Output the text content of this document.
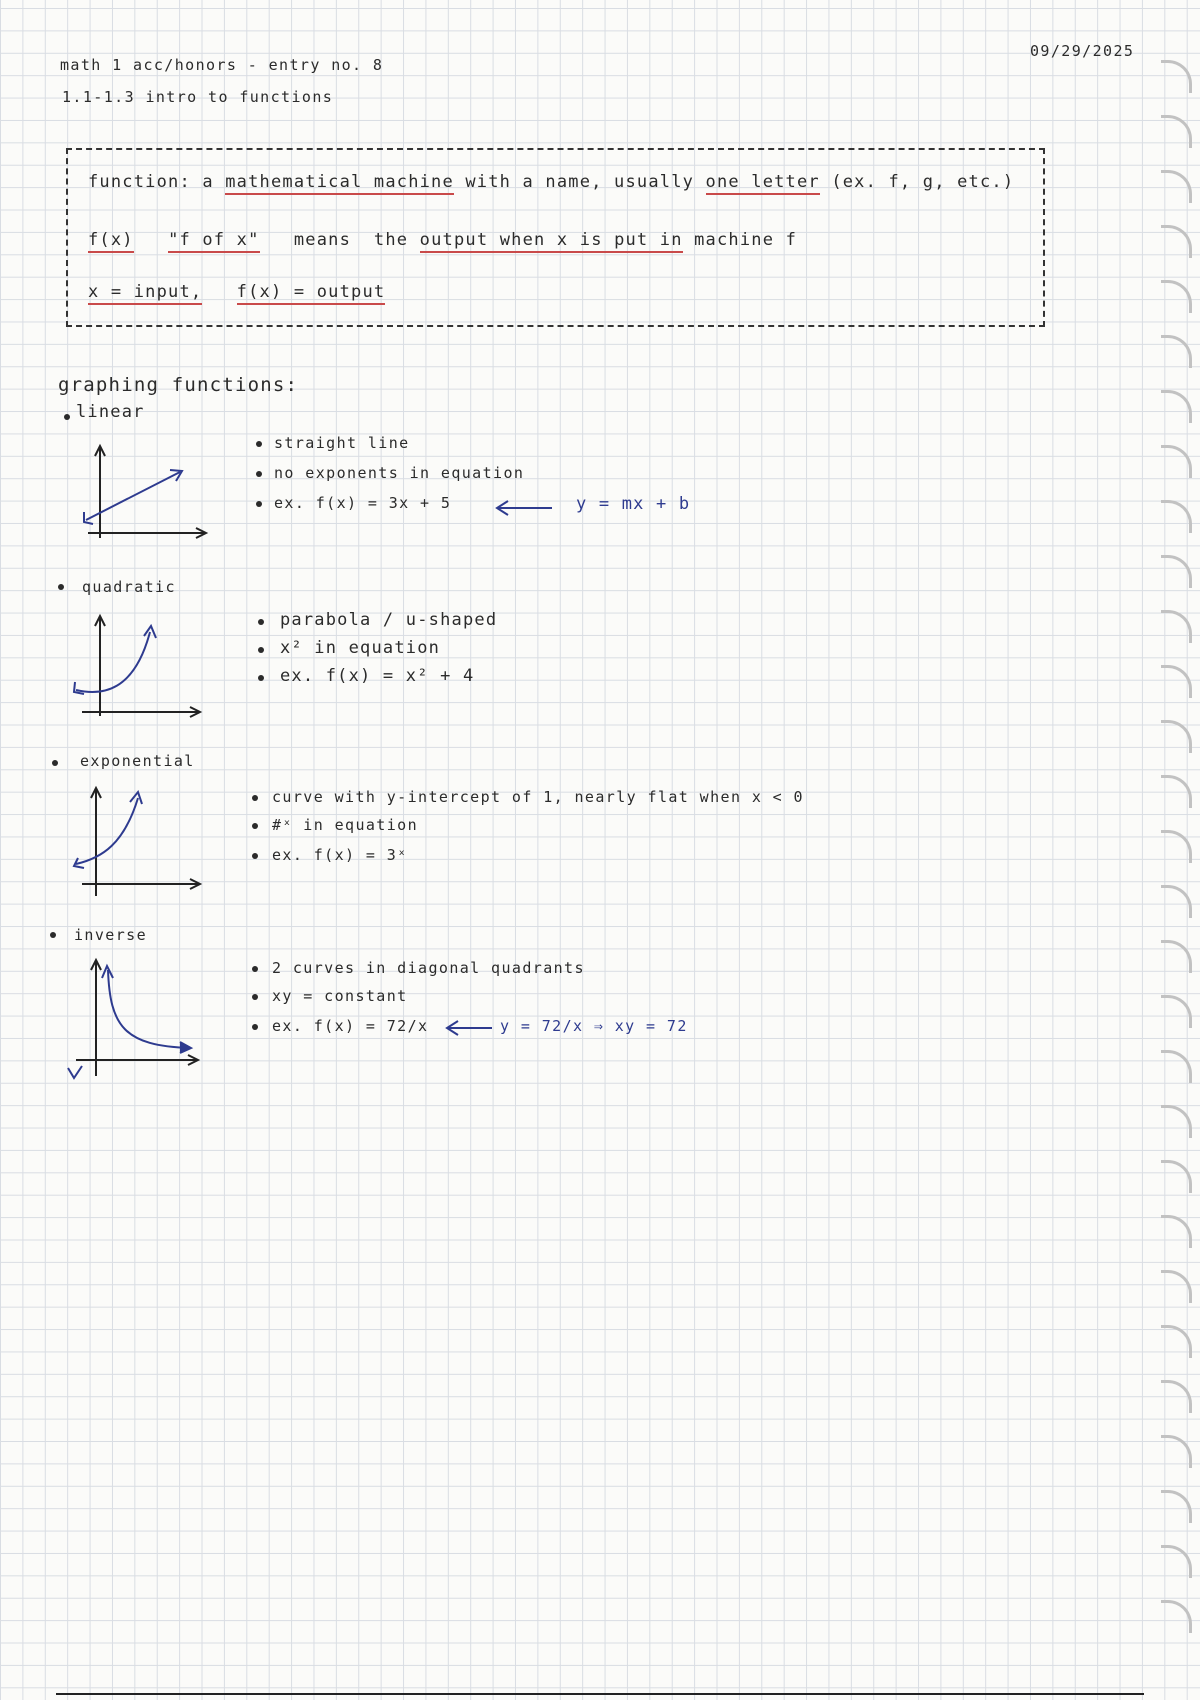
math 1 acc/honors - entry no. 8
1.1-1.3 intro to functions
09/29/2025
function: a mathematical machine with a name, usually one letter (ex. f, g, etc.)
f(x) "f of x" means the output when x is put in machine f
x = input, f(x) = output
graphing functions:
linear
straight line
no exponents in equation
ex. f(x) = 3x + 5	y = mx + b
quadratic
parabola / u-shaped
x² in equation
ex. f(x) = x² + 4
exponential
curve with y-intercept of 1, nearly flat when x < 0
#ˣ in equation
ex. f(x) = 3ˣ
inverse
2 curves in diagonal quadrants
xy = constant
ex. f(x) = 72/x	y = 72/x ⇒ xy = 72
